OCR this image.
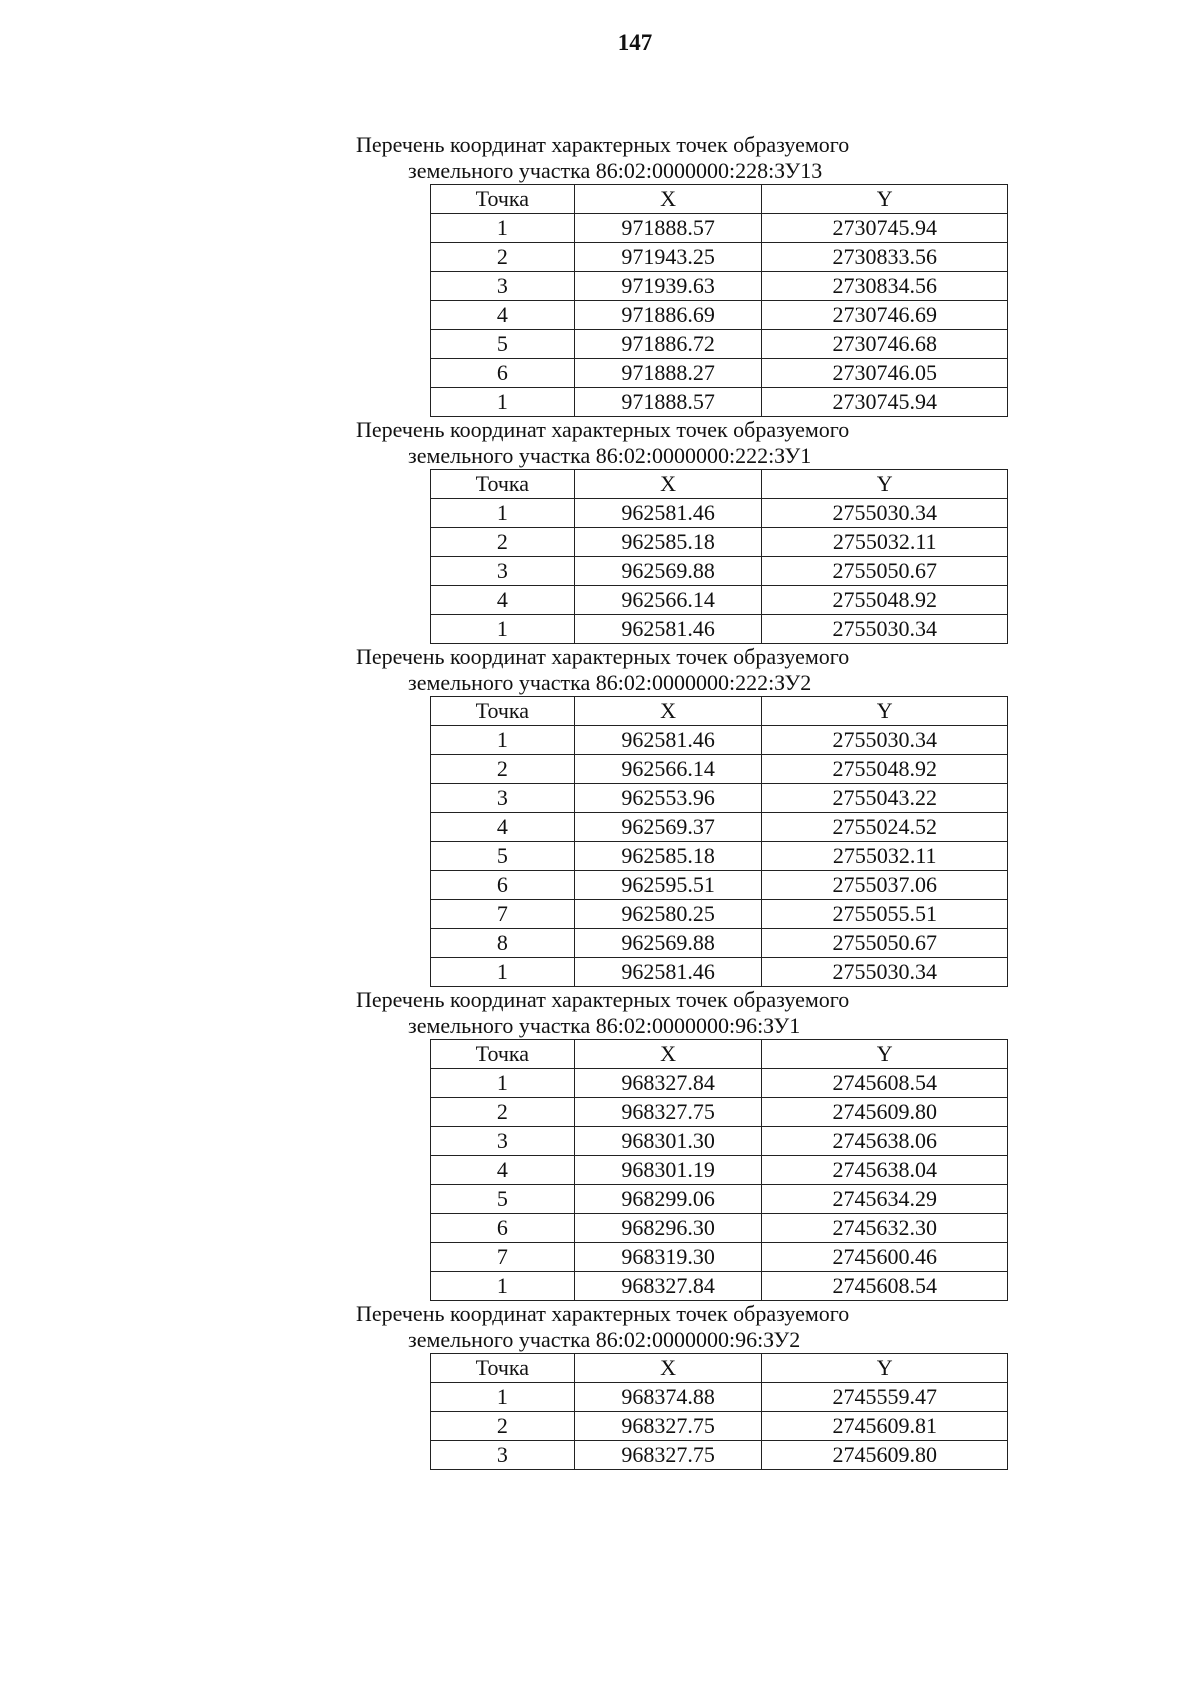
147
Перечень координат характерных точек образуемого
земельного участка 86:02:0000000:228:ЗУ13
Точка	X	Y
1	971888.57	2730745.94
2	971943.25	2730833.56
3	971939.63	2730834.56
4	971886.69	2730746.69
5	971886.72	2730746.68
6	971888.27	2730746.05
1	971888.57	2730745.94
Перечень координат характерных точек образуемого
земельного участка 86:02:0000000:222:ЗУ1
Точка	X	Y
1	962581.46	2755030.34
2	962585.18	2755032.11
3	962569.88	2755050.67
4	962566.14	2755048.92
1	962581.46	2755030.34
Перечень координат характерных точек образуемого
земельного участка 86:02:0000000:222:ЗУ2
Точка	X	Y
1	962581.46	2755030.34
2	962566.14	2755048.92
3	962553.96	2755043.22
4	962569.37	2755024.52
5	962585.18	2755032.11
6	962595.51	2755037.06
7	962580.25	2755055.51
8	962569.88	2755050.67
1	962581.46	2755030.34
Перечень координат характерных точек образуемого
земельного участка 86:02:0000000:96:ЗУ1
Точка	X	Y
1	968327.84	2745608.54
2	968327.75	2745609.80
3	968301.30	2745638.06
4	968301.19	2745638.04
5	968299.06	2745634.29
6	968296.30	2745632.30
7	968319.30	2745600.46
1	968327.84	2745608.54
Перечень координат характерных точек образуемого
земельного участка 86:02:0000000:96:ЗУ2
Точка	X	Y
1	968374.88	2745559.47
2	968327.75	2745609.81
3	968327.75	2745609.80
